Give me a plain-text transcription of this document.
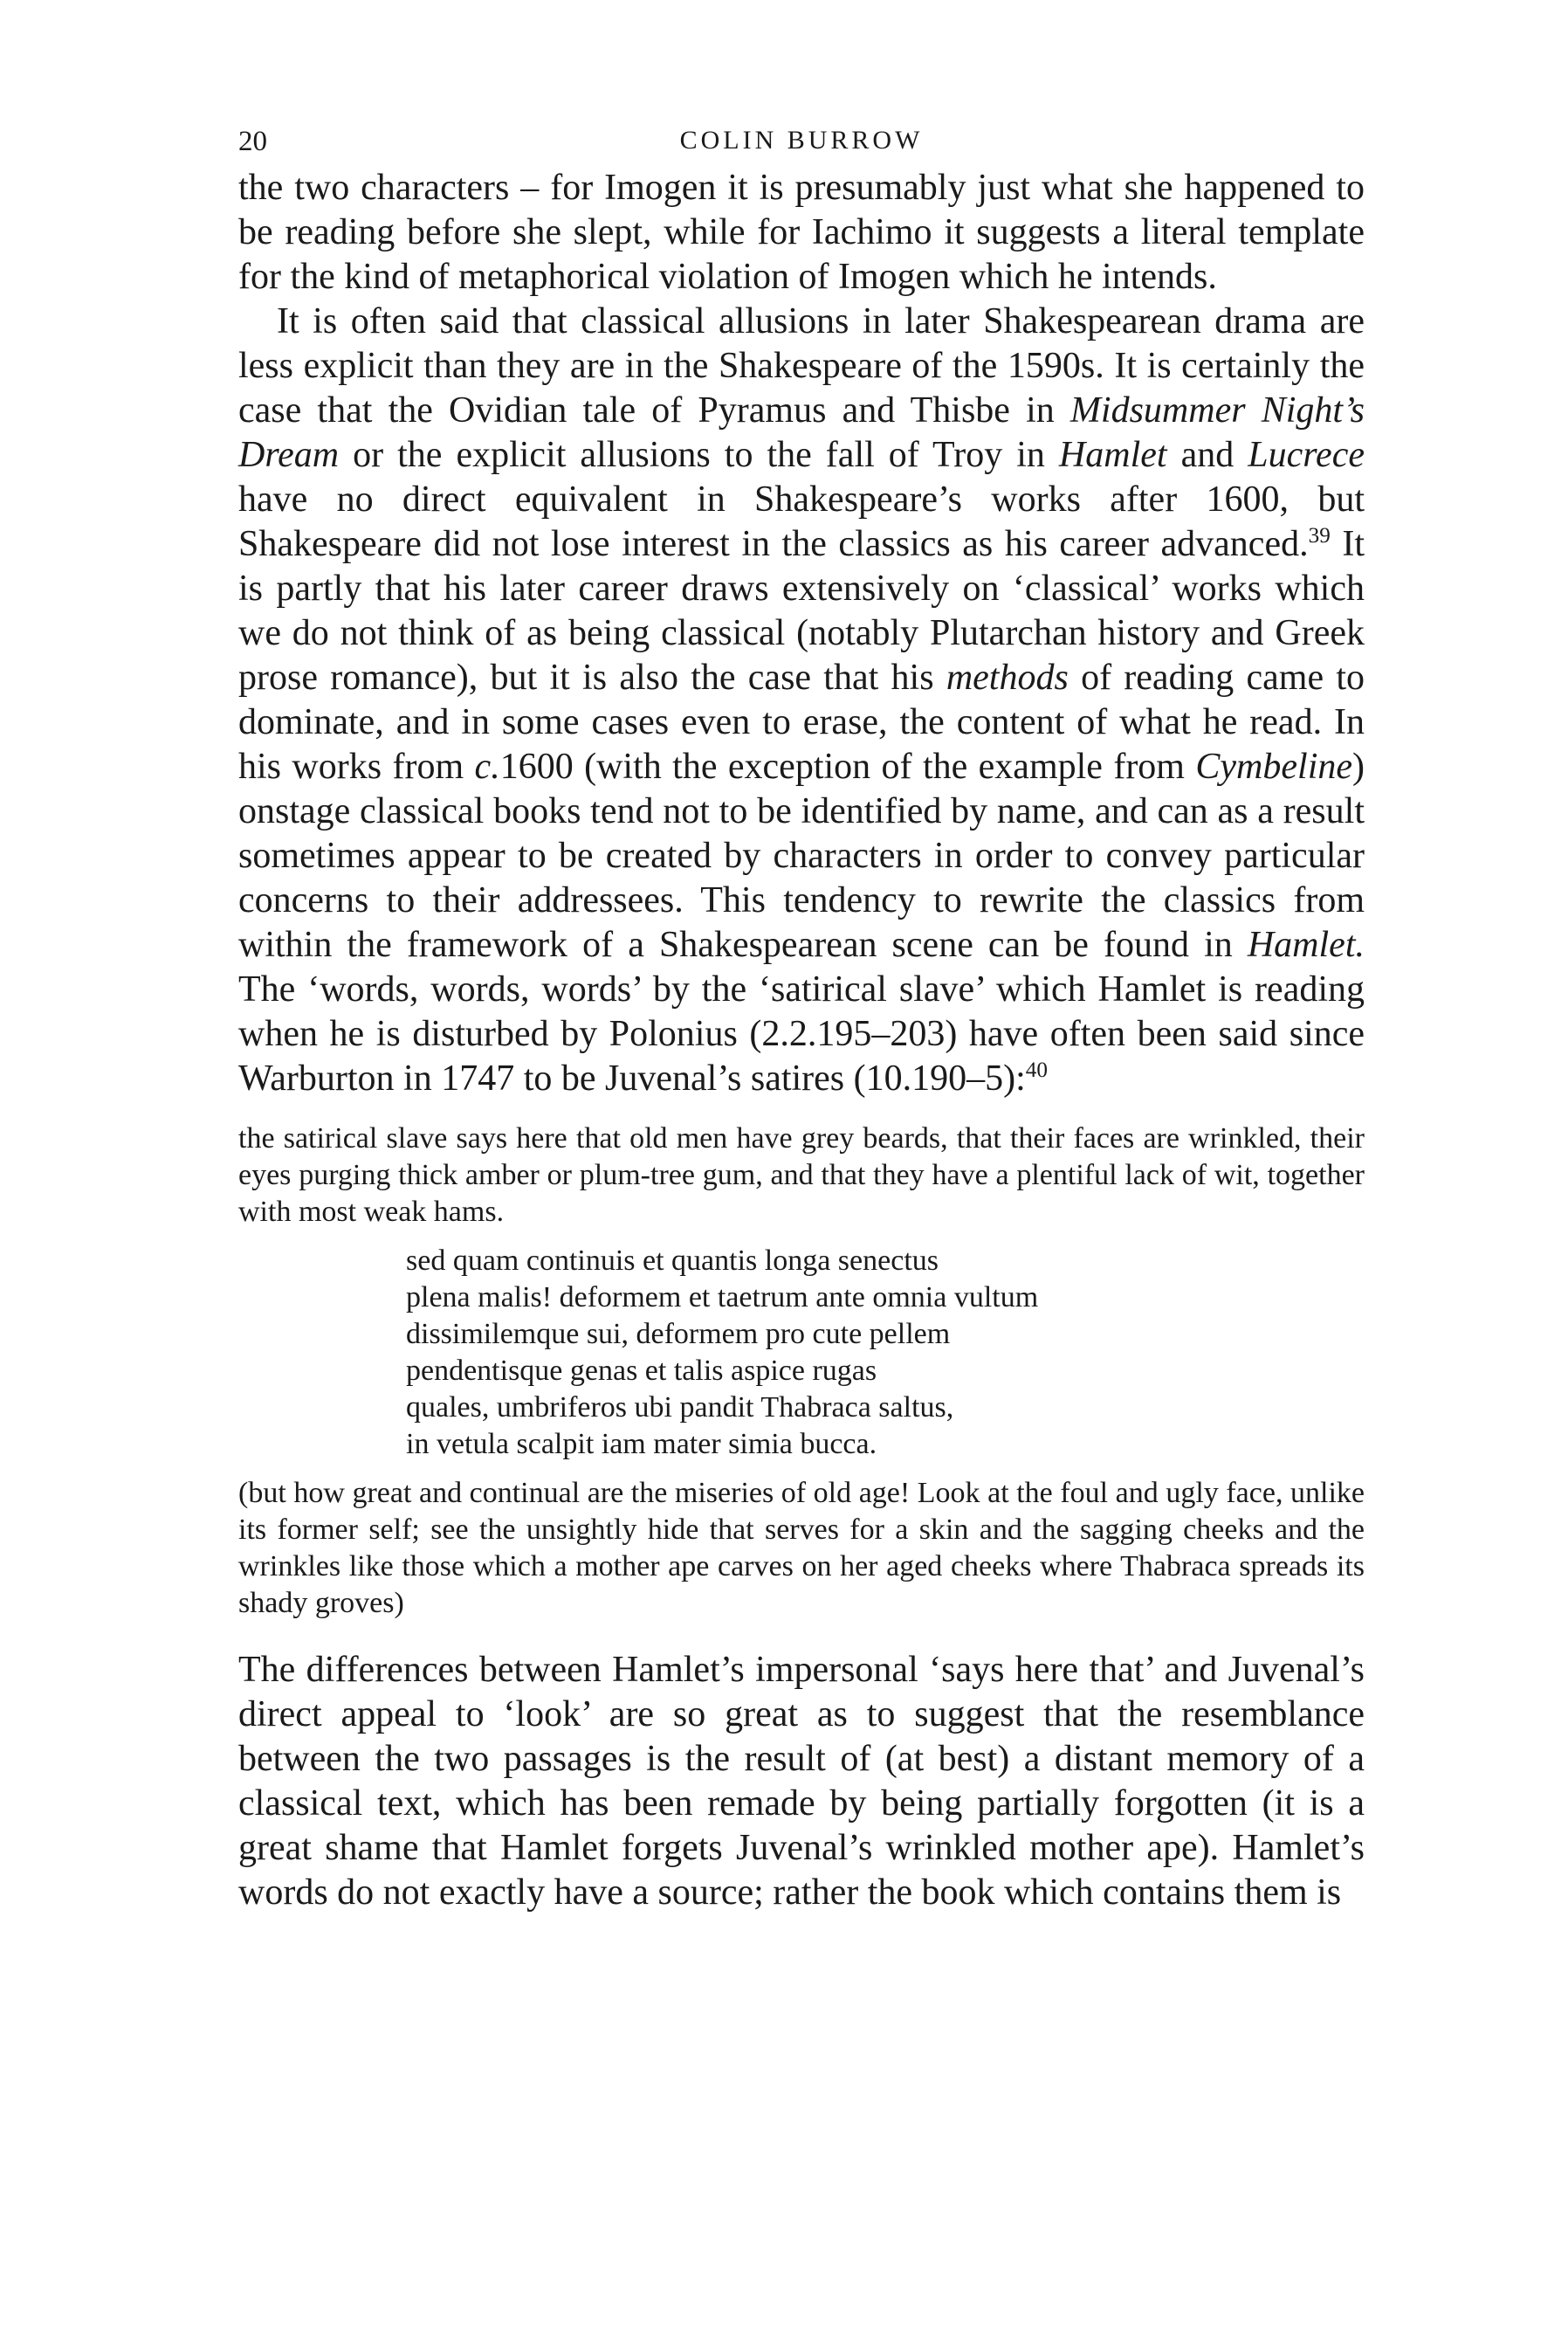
20	COLIN BURROW

the two characters – for Imogen it is presumably just what she happened to be reading before she slept, while for Iachimo it suggests a literal template for the kind of metaphorical violation of Imogen which he intends.

It is often said that classical allusions in later Shakespearean drama are less explicit than they are in the Shakespeare of the 1590s. It is certainly the case that the Ovidian tale of Pyramus and Thisbe in Midsummer Night’s Dream or the explicit allusions to the fall of Troy in Hamlet and Lucrece have no direct equivalent in Shakespeare’s works after 1600, but Shakespeare did not lose interest in the classics as his career advanced.$^{39}$ It is partly that his later career draws extensively on ‘classical’ works which we do not think of as being classical (notably Plutarchan history and Greek prose romance), but it is also the case that his methods of reading came to dominate, and in some cases even to erase, the content of what he read. In his works from c.1600 (with the exception of the example from Cymbeline) onstage classical books tend not to be identified by name, and can as a result sometimes appear to be created by characters in order to convey particular concerns to their addressees. This tendency to rewrite the classics from within the framework of a Shakespearean scene can be found in Hamlet. The ‘words, words, words’ by the ‘satirical slave’ which Hamlet is reading when he is disturbed by Polonius (2.2.195–203) have often been said since Warburton in 1747 to be Juvenal’s satires (10.190–5):$^{40}$

the satirical slave says here that old men have grey beards, that their faces are wrinkled, their eyes purging thick amber or plum-tree gum, and that they have a plentiful lack of wit, together with most weak hams.

sed quam continuis et quantis longa senectus
plena malis! deformem et taetrum ante omnia vultum
dissimilemque sui, deformem pro cute pellem
pendentisque genas et talis aspice rugas
quales, umbriferos ubi pandit Thabraca saltus,
in vetula scalpit iam mater simia bucca.

(but how great and continual are the miseries of old age! Look at the foul and ugly face, unlike its former self; see the unsightly hide that serves for a skin and the sagging cheeks and the wrinkles like those which a mother ape carves on her aged cheeks where Thabraca spreads its shady groves)

The differences between Hamlet’s impersonal ‘says here that’ and Juvenal’s direct appeal to ‘look’ are so great as to suggest that the resemblance between the two passages is the result of (at best) a distant memory of a classical text, which has been remade by being partially forgotten (it is a great shame that Hamlet forgets Juvenal’s wrinkled mother ape). Hamlet’s words do not exactly have a source; rather the book which contains them is
